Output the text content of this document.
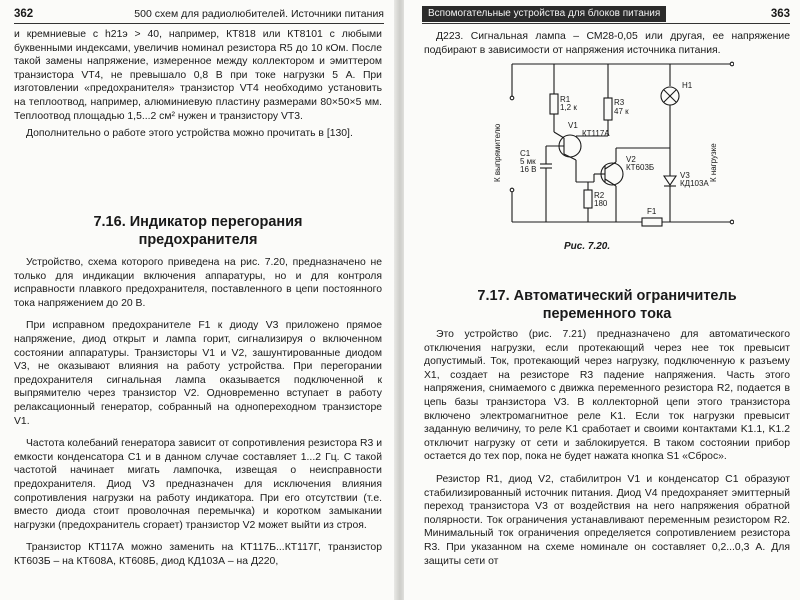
362	500 схем для радиолюбителей. Источники питания

и кремниевые с h21э > 40, например, КТ818 или КТ8101 с любыми буквенными индексами, увеличив номинал резистора R5 до 10 кОм. После такой замены напряжение, измеренное между коллектором и эмиттером транзистора VT4, не превышало 0,8 В при токе нагрузки 5 А. При изготовлении «предохранителя» транзистор VT4 необходимо установить на теплоотвод, например, алюминиевую пластину размерами 80×50×5 мм. Теплоотвод площадью 1,5...2 см² нужен и транзистору VT3.

Дополнительно о работе этого устройства можно прочитать в [130].

7.16. Индикатор перегорания
предохранителя

Устройство, схема которого приведена на рис. 7.20, предназначено не только для индикации включения аппаратуры, но и для контроля исправности плавкого предохранителя, поставленного в цепи постоянного тока напряжением до 20 В.

При исправном предохранителе F1 к диоду V3 приложено прямое напряжение, диод открыт и лампа горит, сигнализируя о включенном состоянии аппаратуры. Транзисторы V1 и V2, зашунтированные диодом V3, не оказывают влияния на работу устройства. При перегорании предохранителя сигнальная лампа оказывается подключенной к выпрямителю через транзистор V2. Одновременно вступает в работу релаксационный генератор, собранный на однопереходном транзисторе V1.

Частота колебаний генератора зависит от сопротивления резистора R3 и емкости конденсатора C1 и в данном случае составляет 1...2 Гц. С такой частотой начинает мигать лампочка, извещая о неисправности предохранителя. Диод V3 предназначен для исключения влияния сопротивления нагрузки на работу индикатора. При его отсутствии (т.е. вместо диода стоит проволочная перемычка) и коротком замыкании нагрузки (предохранитель сгорает) транзистор V2 может выйти из строя.

Транзистор КТ117А можно заменить на КТ117Б...КТ117Г, транзистор КТ603Б – на КТ608А, КТ608Б, диод КД103А – на Д220,

Вспомогательные устройства для блоков питания	363

Д223. Сигнальная лампа – СМ28-0,05 или другая, ее напряжение подбирают в зависимости от напряжения источника питания.

R1
1,2 к
R3
47 к
V1
КТ117А
C1
5 мк
16 В
V2
КТ603Б
R2
180
H1
V3
КД103А
F1
К выпрямителю	К нагрузке
Рис. 7.20.
7.17. Автоматический ограничитель
переменного тока

Это устройство (рис. 7.21) предназначено для автоматического отключения нагрузки, если протекающий через нее ток превысит допустимый. Ток, протекающий через нагрузку, подключенную к разъему X1, создает на резисторе R3 падение напряжения. Часть этого напряжения, снимаемого с движка переменного резистора R2, подается в цепь базы транзистора V3. В коллекторной цепи этого транзистора включено электромагнитное реле K1. Если ток нагрузки превысит заданную величину, то реле K1 сработает и своими контактами K1.1, K1.2 отключит нагрузку от сети и заблокируется. В таком состоянии прибор остается до тех пор, пока не будет нажата кнопка S1 «Сброс».

Резистор R1, диод V2, стабилитрон V1 и конденсатор C1 образуют стабилизированный источник питания. Диод V4 предохраняет эмиттерный переход транзистора V3 от воздействия на него напряжения обратной полярности. Ток ограничения устанавливают переменным резистором R2. Минимальный ток ограничения определяется сопротивлением резистора R3. При указанном на схеме номинале он составляет 0,2...0,3 А. Для защиты сети от
